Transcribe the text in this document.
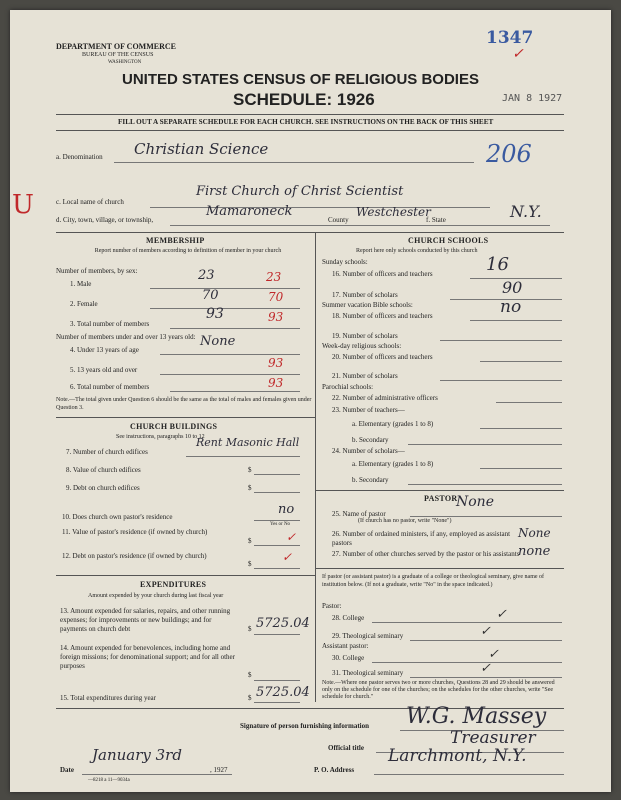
DEPARTMENT OF COMMERCE
BUREAU OF THE CENSUS
WASHINGTON
1347
✓
UNITED STATES CENSUS OF RELIGIOUS BODIES
SCHEDULE: 1926	JAN 8 1927
FILL OUT A SEPARATE SCHEDULE FOR EACH CHURCH. SEE INSTRUCTIONS ON THE BACK OF THIS SHEET
a. Denomination Christian Science	206
U	c. Local name of church
First Church of Christ Scientist
d. City, town, village, or township,
Mamaroneck
County
Westchester
f. State	N.Y.
MEMBERSHIP
Report number of members according to definition of member in your church
Number of members, by sex:
1. Male
23	23
2. Female
70	70
3. Total number of members
93	93
Number of members under and over 13 years old:
4. Under 13 years of age
None
5. 13 years old and over	93
6. Total number of members	93
Note.—The total given under Question 6 should be the same as the total of males and females given under Question 3.
CHURCH BUILDINGS
See instructions, paragraphs 10 to 12
7. Number of church edifices
Rent Masonic Hall
8. Value of church edifices	$
9. Debt on church edifices	$
10. Does church own pastor's residence	no
Yes or No
11. Value of pastor's residence (if owned by church)
$	✓
12. Debt on pastor's residence (if owned by church)
$	✓
EXPENDITURES
Amount expended by your church during last fiscal year
13. Amount expended for salaries, repairs, and other running expenses; for improvements or new buildings; and for payments on church debt	$ 5725.04
14. Amount expended for benevolences, including home and foreign missions; for denominational support; and for all other purposes
$
15. Total expenditures during year	$ 5725.04
CHURCH SCHOOLS
Report here only schools conducted by this church
Sunday schools:
16. Number of officers and teachers	16
17. Number of scholars	90
Summer vacation Bible schools:
18. Number of officers and teachers	no
19. Number of scholars
Week-day religious schools:
20. Number of officers and teachers
21. Number of scholars
Parochial schools:
22. Number of administrative officers
23. Number of teachers—
a. Elementary (grades 1 to 8)
b. Secondary
24. Number of scholars—
a. Elementary (grades 1 to 8)
b. Secondary
PASTOR
25. Name of pastor
None
(If church has no pastor, write "None")
26. Number of ordained ministers, if any, employed as assistant pastors
None
27. Number of other churches served by the pastor or his assistants
none
If pastor (or assistant pastor) is a graduate of a college or theological seminary, give name of institution below. (If not a graduate, write "No" in the space indicated.)
Pastor:
28. College	✓
29. Theological seminary	✓
Assistant pastor:
30. College	✓
31. Theological seminary	✓
Note.—Where one pastor serves two or more churches, Questions 28 and 29 should be answered only on the schedule for one of the churches; on the schedules for the other churches, write "See schedule for church."
Signature of person furnishing information W.G. Massey
Official title	Treasurer
Date
January 3rd
, 1927	P. O. Address
Larchmont, N.Y.
—8218 a 11—9034a
